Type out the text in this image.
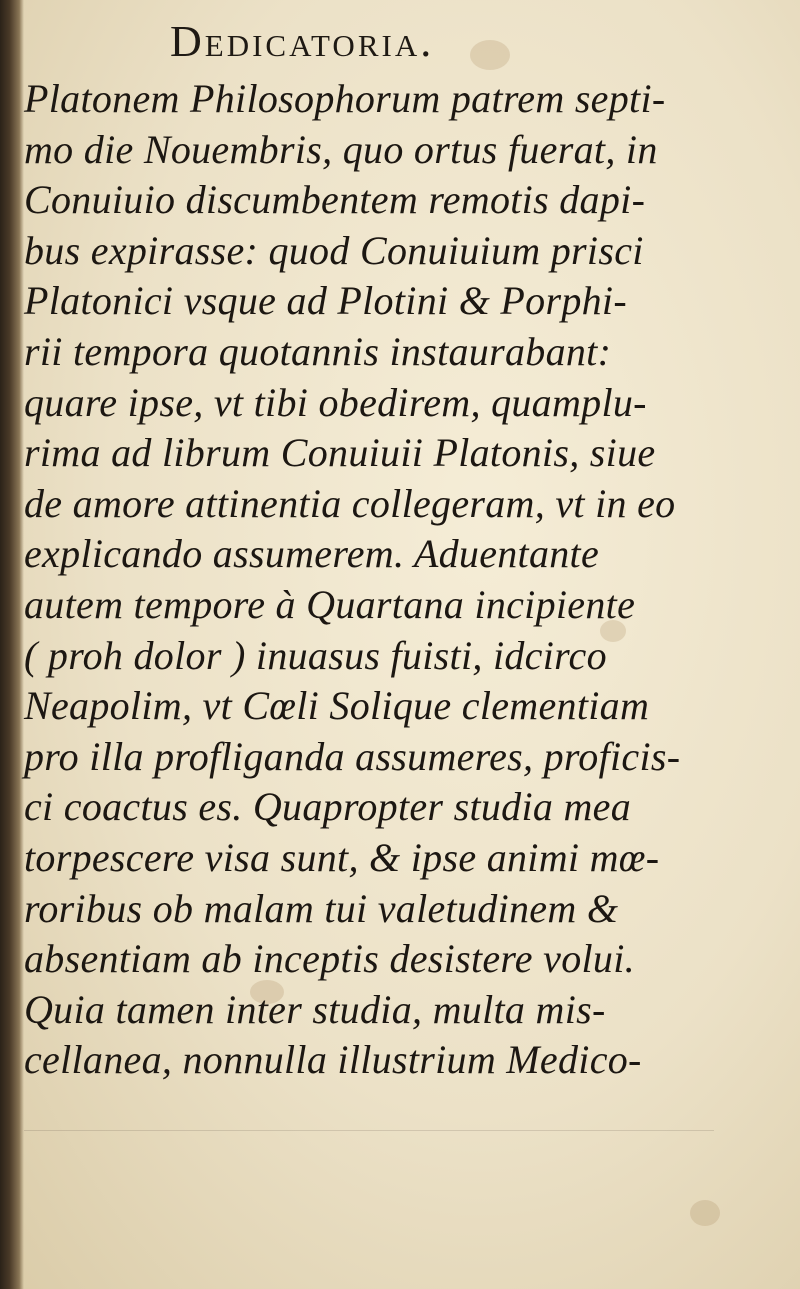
Dedicatoria.
Platonem Philosophorum patrem septi-
mo die Nouembris, quo ortus fuerat, in
Conuiuio discumbentem remotis dapi-
bus expirasse: quod Conuiuium prisci
Platonici vsque ad Plotini & Porphi-
rii tempora quotannis instaurabant:
quare ipse, vt tibi obedirem, quamplu-
rima ad librum Conuiuii Platonis, siue
de amore attinentia collegeram, vt in eo
explicando assumerem. Aduentante
autem tempore à Quartana incipiente
( proh dolor ) inuasus fuisti, idcirco
Neapolim, vt Cœli Solique clementiam
pro illa profliganda assumeres, proficis-
ci coactus es. Quapropter studia mea
torpescere visa sunt, & ipse animi mœ-
roribus ob malam tui valetudinem &
absentiam ab inceptis desistere volui.
Quia tamen inter studia, multa mis-
cellanea, nonnulla illustrium Medico-
